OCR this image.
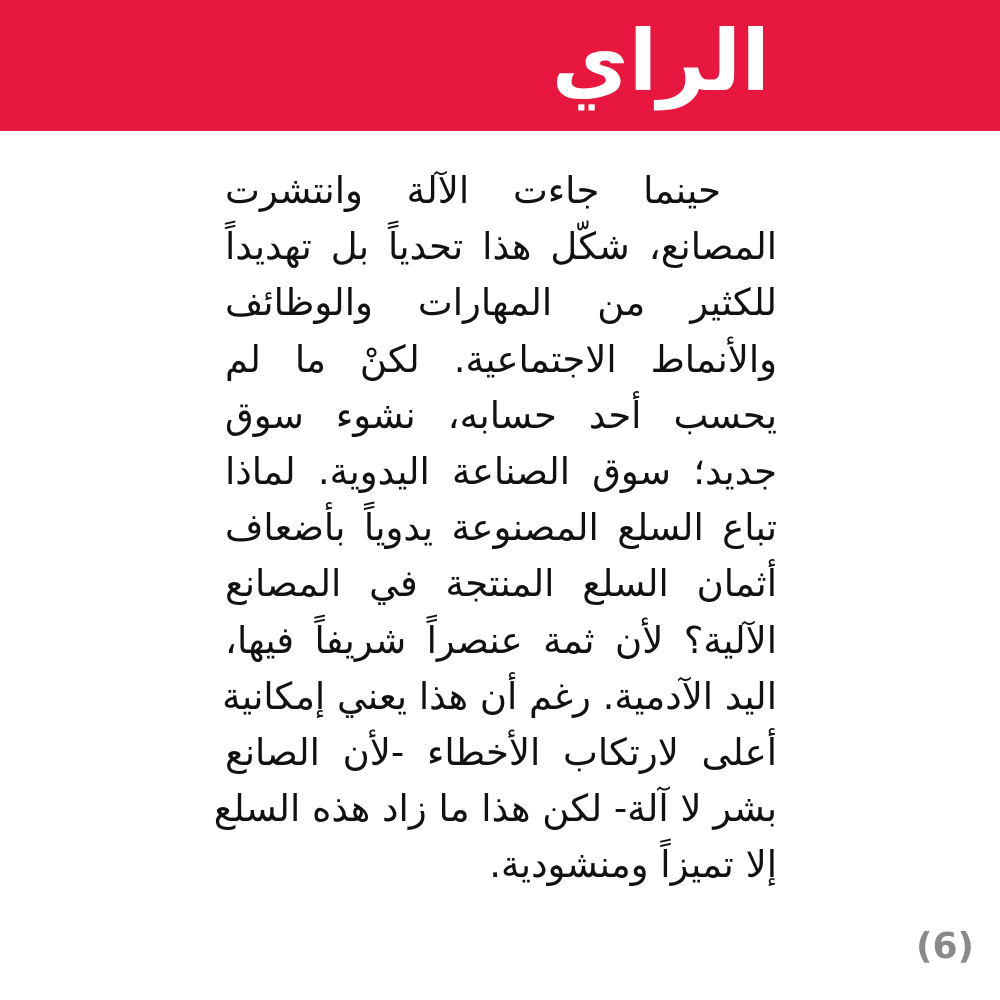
الراي
حينما جاءت الآلة وانتشرت
المصانع، شكّل هذا تحدياً بل تهديداً
للكثير من المهارات والوظائف
والأنماط الاجتماعية. لكنْ ما لم
يحسب أحد حسابه، نشوء سوق
جديد؛ سوق الصناعة اليدوية. لماذا
تباع السلع المصنوعة يدوياً بأضعاف
أثمان السلع المنتجة في المصانع
الآلية؟ لأن ثمة عنصراً شريفاً فيها،
اليد الآدمية. رغم أن هذا يعني إمكانية
أعلى لارتكاب الأخطاء -لأن الصانع
بشر لا آلة- لكن هذا ما زاد هذه السلع
إلا تميزاً ومنشودية.
(6)
